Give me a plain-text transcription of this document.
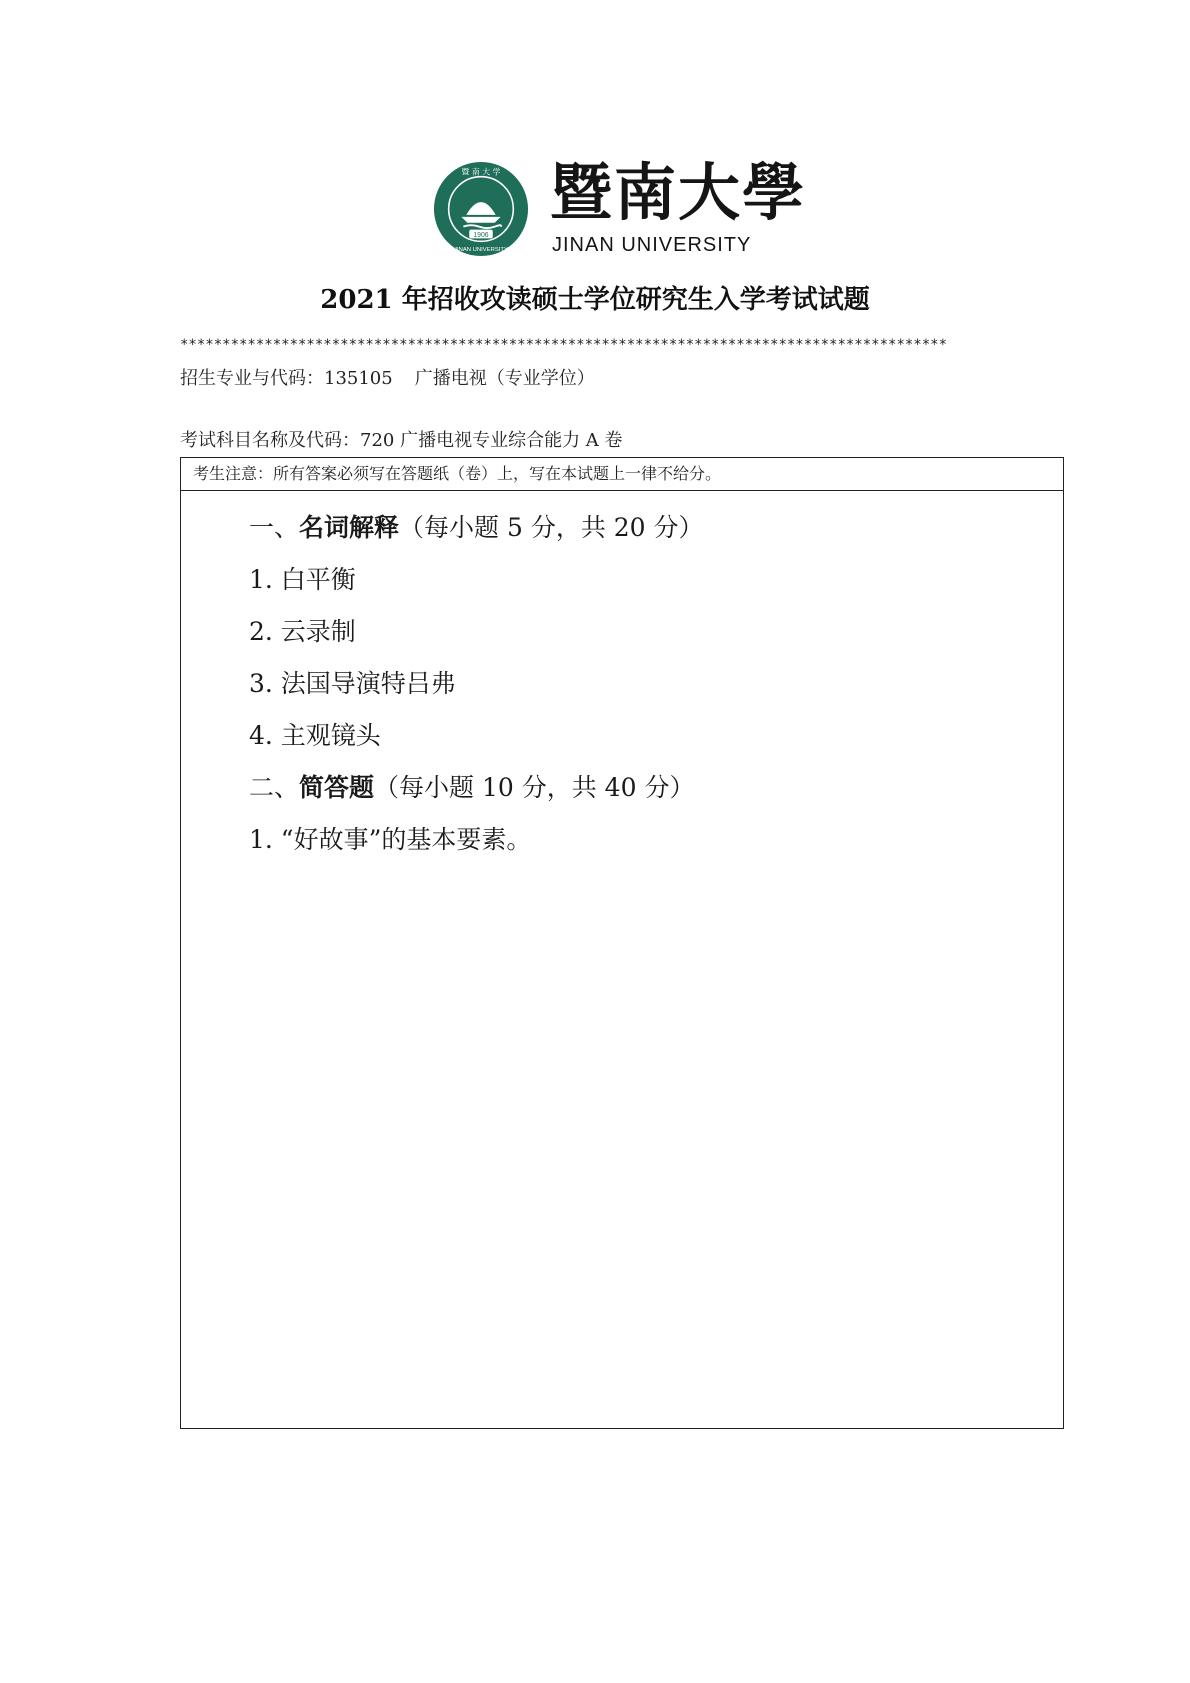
1906
暨 南 大 学
JINAN UNIVERSITY
暨南大學
JINAN UNIVERSITY
2021 年招收攻读硕士学位研究生入学考试试题
*******************************************************************************************
招生专业与代码：135105 广播电视（专业学位）
考试科目名称及代码：720 广播电视专业综合能力 A 卷
考生注意：所有答案必须写在答题纸（卷）上，写在本试题上一律不给分。
一、名词解释（每小题 5 分，共 20 分）
1. 白平衡
2. 云录制
3. 法国导演特吕弗
4. 主观镜头
二、简答题（每小题 10 分，共 40 分）
1. “好故事”的基本要素。
